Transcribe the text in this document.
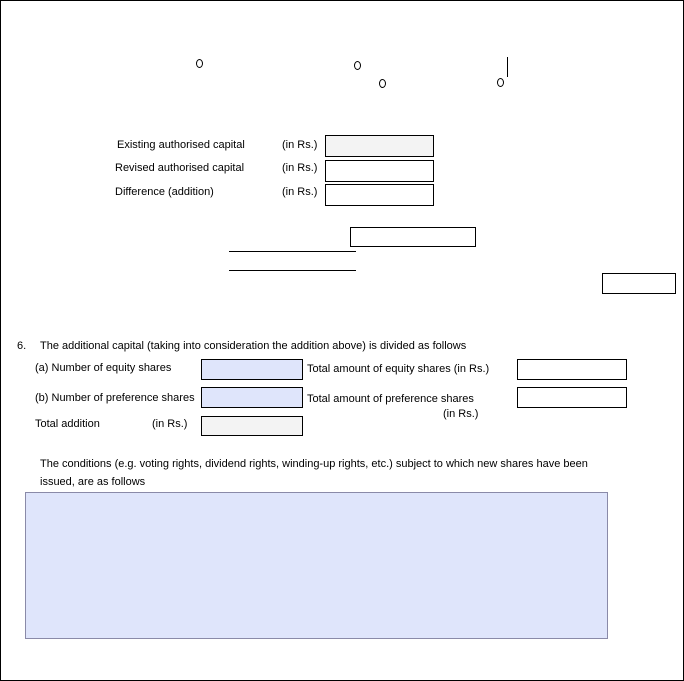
Existing authorised capital	(in Rs.)
Revised authorised capital	(in Rs.)
Difference (addition)	(in Rs.)
6. The additional capital (taking into consideration the addition above) is divided as follows
(a) Number of equity shares	Total amount of equity shares (in Rs.)
(b) Number of preference shares	Total amount of preference shares
(in Rs.)
Total addition	(in Rs.)
The conditions (e.g. voting rights, dividend rights, winding-up rights, etc.) subject to which new shares have been
issued, are as follows
